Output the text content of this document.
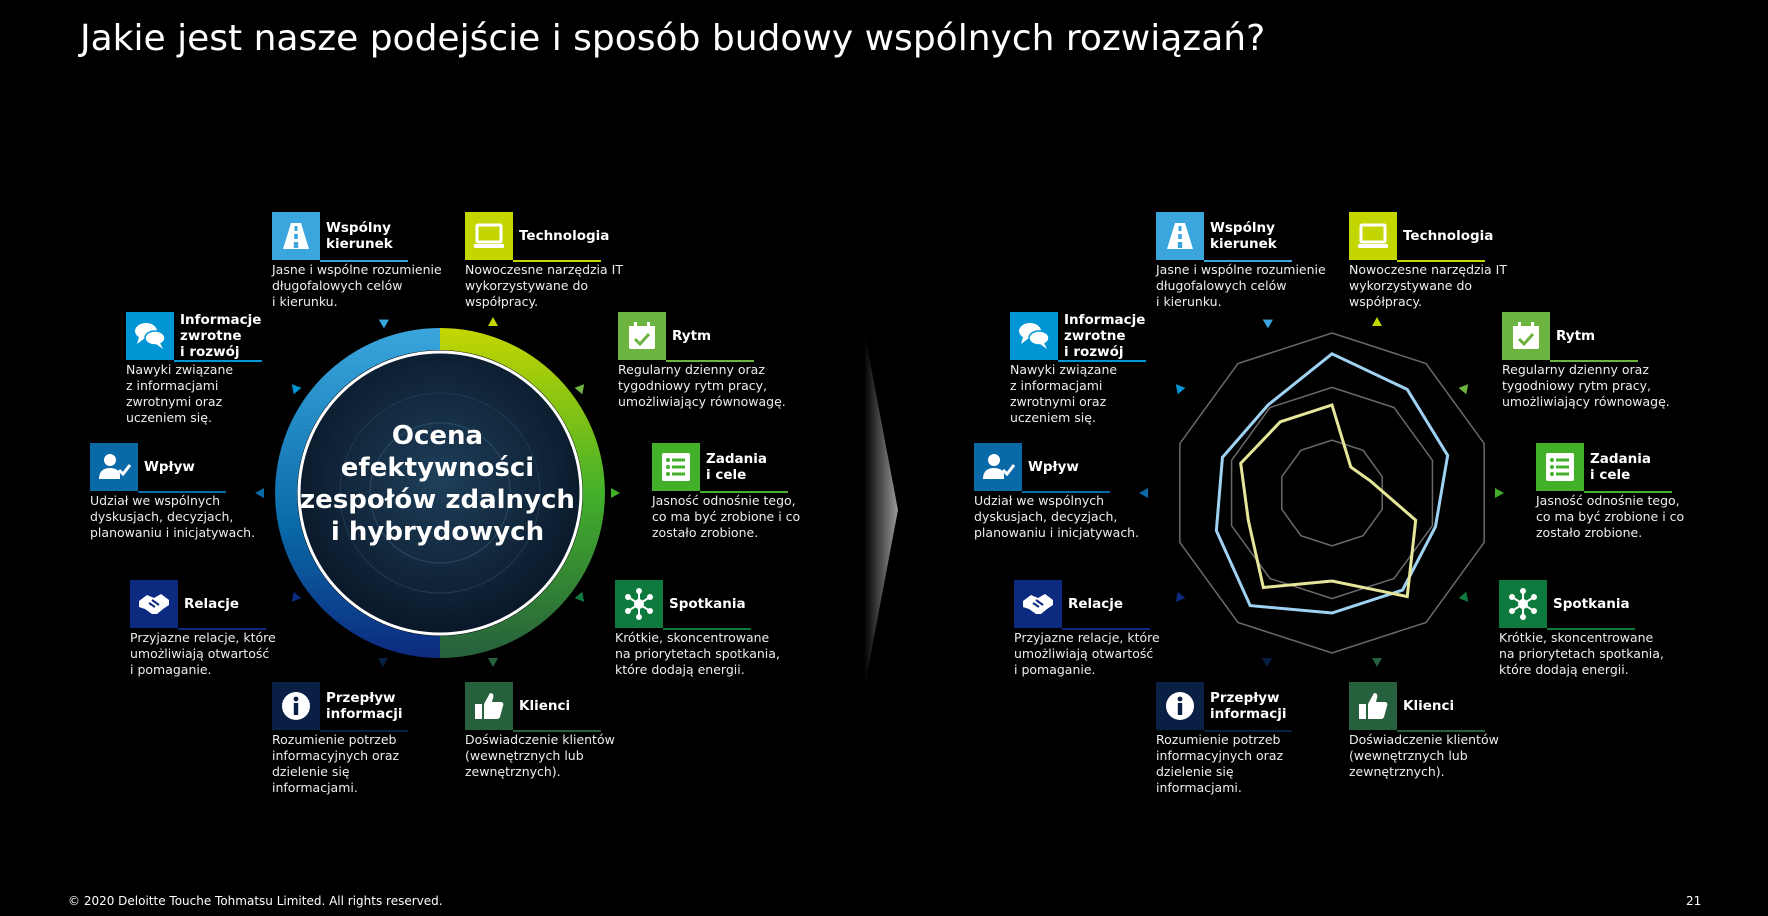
Jakie jest nasze podejście i sposób budowy wspólnych rozwiązań?
Ocena
efektywności
zespołów zdalnych
i hybrydowych
Wspólny
kierunek
Jasne i wspólne rozumienie
długofalowych celów
i kierunku.
Technologia
Nowoczesne narzędzia IT
wykorzystywane do
współpracy.
Rytm
Regularny dzienny oraz
tygodniowy rytm pracy,
umożliwiający równowagę.
Zadania
i cele
Jasność odnośnie tego,
co ma być zrobione i co
zostało zrobione.
Spotkania
Krótkie, skoncentrowane
na priorytetach spotkania,
które dodają energii.
Klienci
Doświadczenie klientów
(wewnętrznych lub
zewnętrznych).
Przepływ
informacji
Rozumienie potrzeb
informacyjnych oraz
dzielenie się
informacjami.
Relacje
Przyjazne relacje, które
umożliwiają otwartość
i pomaganie.
Wpływ
Udział we wspólnych
dyskusjach, decyzjach,
planowaniu i inicjatywach.
Informacje
zwrotne
i rozwój
Nawyki związane
z informacjami
zwrotnymi oraz
uczeniem się.
Wspólny
kierunek
Jasne i wspólne rozumienie
długofalowych celów
i kierunku.
Technologia
Nowoczesne narzędzia IT
wykorzystywane do
współpracy.
Rytm
Regularny dzienny oraz
tygodniowy rytm pracy,
umożliwiający równowagę.
Zadania
i cele
Jasność odnośnie tego,
co ma być zrobione i co
zostało zrobione.
Spotkania
Krótkie, skoncentrowane
na priorytetach spotkania,
które dodają energii.
Klienci
Doświadczenie klientów
(wewnętrznych lub
zewnętrznych).
Przepływ
informacji
Rozumienie potrzeb
informacyjnych oraz
dzielenie się
informacjami.
Relacje
Przyjazne relacje, które
umożliwiają otwartość
i pomaganie.
Wpływ
Udział we wspólnych
dyskusjach, decyzjach,
planowaniu i inicjatywach.
Informacje
zwrotne
i rozwój
Nawyki związane
z informacjami
zwrotnymi oraz
uczeniem się.
© 2020 Deloitte Touche Tohmatsu Limited. All rights reserved.	21
